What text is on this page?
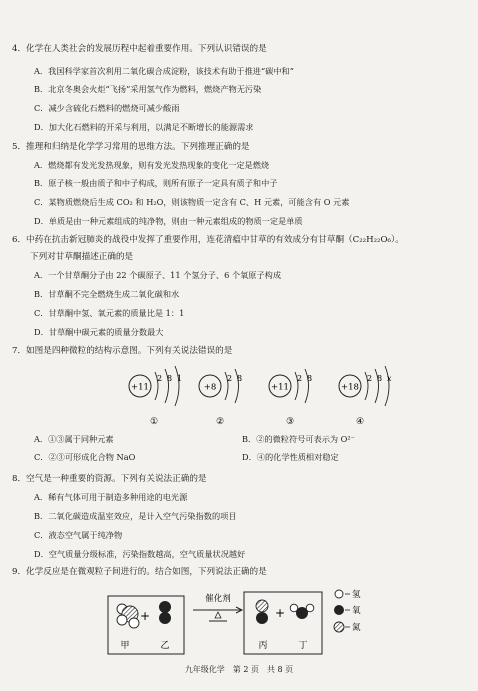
4．化学在人类社会的发展历程中起着重要作用。下列认识错误的是
A．我国科学家首次利用二氧化碳合成淀粉，该技术有助于推进“碳中和”
B．北京冬奥会火炬“飞扬”采用氢气作为燃料，燃烧产物无污染
C．减少含硫化石燃料的燃烧可减少酸雨
D．加大化石燃料的开采与利用，以满足不断增长的能源需求
5．推理和归纳是化学学习常用的思维方法。下列推理正确的是
A．燃烧都有发光发热现象，则有发光发热现象的变化一定是燃烧
B．原子核一般由质子和中子构成，则所有原子一定具有质子和中子
C．某物质燃烧后生成 CO₂ 和 H₂O，则该物质一定含有 C、H 元素，可能含有 O 元素
D．单质是由一种元素组成的纯净物，则由一种元素组成的物质一定是单质
6．中药在抗击新冠肺炎的战役中发挥了重要作用，连花清瘟中甘草的有效成分有甘草酮（C₂₂H₂₂O₆）。
下列对甘草酮描述正确的是
A．一个甘草酮分子由 22 个碳原子、11 个氢分子、6 个氧原子构成
B．甘草酮不完全燃烧生成二氧化碳和水
C．甘草酮中氢、氧元素的质量比是 1：1
D．甘草酮中碳元素的质量分数最大
7．如图是四种微粒的结构示意图。下列有关说法错误的是
+11
2 8 1
①
+8
2 8
②
+11
2 8
③
+18
2 8 x
④
A．①③属于同种元素	B．②的微粒符号可表示为 O²⁻
C．②③可形成化合物 NaO	D．④的化学性质相对稳定
8．空气是一种重要的资源。下列有关说法正确的是
A．稀有气体可用于制造多种用途的电光源
B．二氧化碳造成温室效应，是计入空气污染指数的项目
C．液态空气属于纯净物
D．空气质量分级标准，污染指数越高，空气质量状况越好
9．化学反应是在微观粒子间进行的。结合如图，下列说法正确的是
+
甲	乙
催化剂
+
丙	丁
氢
氧
氮
九年级化学　第 2 页　共 8 页
